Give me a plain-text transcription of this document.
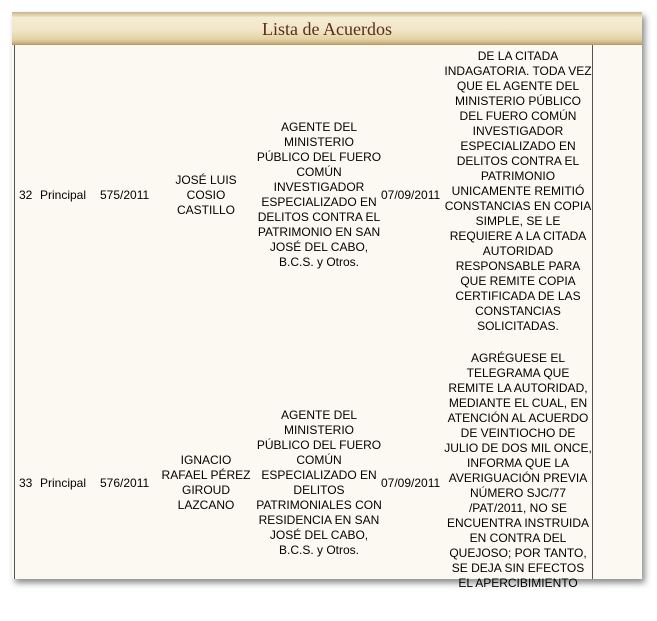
Lista de Acuerdos
32 Principal 575/2011
JOSÉ LUIS COSIO CASTILLO
AGENTE DEL MINISTERIO PÚBLICO DEL FUERO COMÚN INVESTIGADOR ESPECIALIZADO EN DELITOS CONTRA EL PATRIMONIO EN SAN JOSÉ DEL CABO, B.C.S. y Otros.
07/09/2011
DE LA CITADA INDAGATORIA. TODA VEZ QUE EL AGENTE DEL MINISTERIO PÚBLICO DEL FUERO COMÚN INVESTIGADOR ESPECIALIZADO EN DELITOS CONTRA EL PATRIMONIO UNICAMENTE REMITIÓ CONSTANCIAS EN COPIA SIMPLE, SE LE REQUIERE A LA CITADA AUTORIDAD RESPONSABLE PARA QUE REMITE COPIA CERTIFICADA DE LAS CONSTANCIAS SOLICITADAS.
33 Principal 576/2011
IGNACIO RAFAEL PÉREZ GIROUD LAZCANO
AGENTE DEL MINISTERIO PÚBLICO DEL FUERO COMÚN ESPECIALIZADO EN DELITOS PATRIMONIALES CON RESIDENCIA EN SAN JOSÉ DEL CABO, B.C.S. y Otros.
07/09/2011
AGRÉGUESE EL TELEGRAMA QUE REMITE LA AUTORIDAD, MEDIANTE EL CUAL, EN ATENCIÓN AL ACUERDO DE VEINTIOCHO DE JULIO DE DOS MIL ONCE, INFORMA QUE LA AVERIGUACIÓN PREVIA NÚMERO SJC/77 /PAT/2011, NO SE ENCUENTRA INSTRUIDA EN CONTRA DEL QUEJOSO; POR TANTO, SE DEJA SIN EFECTOS EL APERCIBIMIENTO
